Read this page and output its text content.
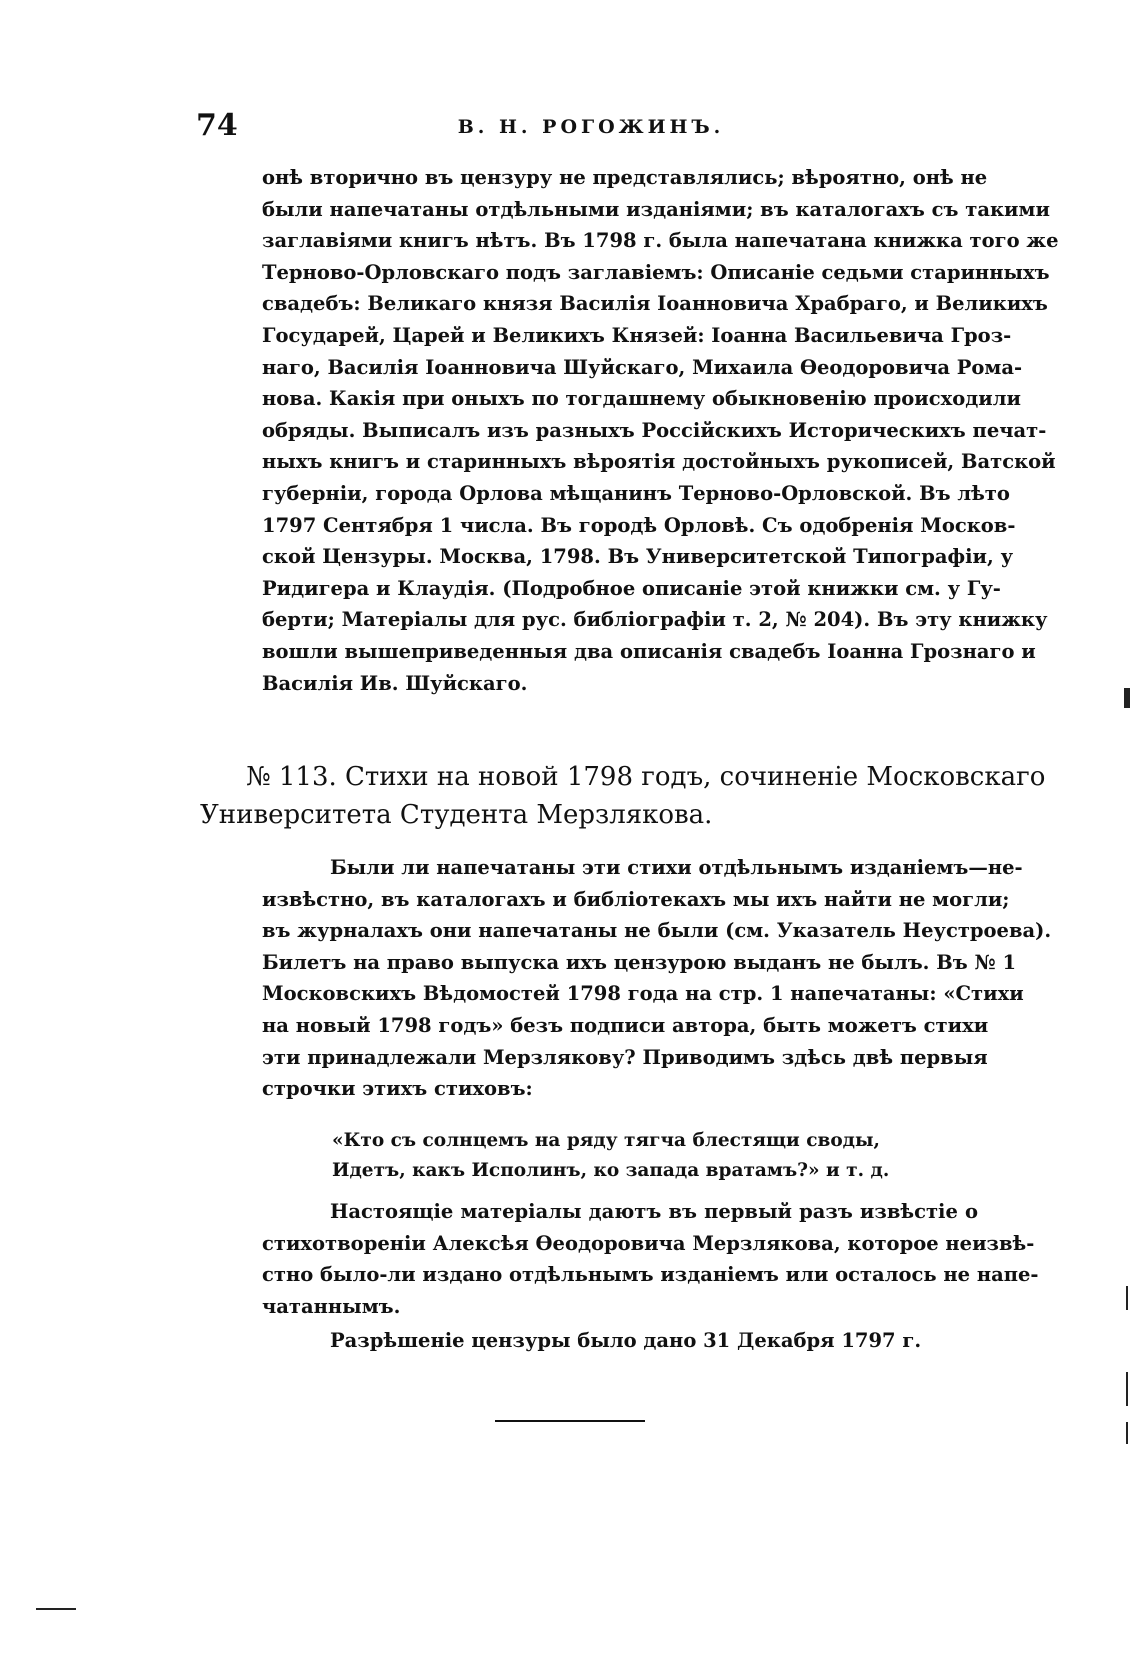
74	В. Н. РОГОЖИНЪ.
онѣ вторично въ цензуру не представлялись; вѣроятно, онѣ не
были напечатаны отдѣльными изданіями; въ каталогахъ съ такими
заглавіями книгъ нѣтъ. Въ 1798 г. была напечатана книжка того же
Терново-Орловскаго подъ заглавіемъ: Описаніе седьми старинныхъ
свадебъ: Великаго князя Василія Іоанновича Храбраго, и Великихъ
Государей, Царей и Великихъ Князей: Іоанна Васильевича Гроз-
наго, Василія Іоанновича Шуйскаго, Михаила Өеодоровича Рома-
нова. Какія при оныхъ по тогдашнему обыкновенію происходили
обряды. Выписалъ изъ разныхъ Россійскихъ Историческихъ печат-
ныхъ книгъ и старинныхъ вѣроятія достойныхъ рукописей, Ватской
губерніи, города Орлова мѣщанинъ Терново-Орловской. Въ лѣто
1797 Сентября 1 числа. Въ городѣ Орловѣ. Съ одобренія Москов-
ской Цензуры. Москва, 1798. Въ Университетской Типографіи, у
Ридигера и Клаудія. (Подробное описаніе этой книжки см. у Гу-
берти; Матеріалы для рус. библіографіи т. 2, № 204). Въ эту книжку
вошли вышеприведенныя два описанія свадебъ Іоанна Грознаго и
Василія Ив. Шуйскаго.
№ 113. Стихи на новой 1798 годъ, сочиненіе Московскаго
Университета Студента Мерзлякова.
Были ли напечатаны эти стихи отдѣльнымъ изданіемъ—не-
извѣстно, въ каталогахъ и библіотекахъ мы ихъ найти не могли;
въ журналахъ они напечатаны не были (см. Указатель Неустроева).
Билетъ на право выпуска ихъ цензурою выданъ не былъ. Въ № 1
Московскихъ Вѣдомостей 1798 года на стр. 1 напечатаны: «Стихи
на новый 1798 годъ» безъ подписи автора, быть можетъ стихи
эти принадлежали Мерзлякову? Приводимъ здѣсь двѣ первыя
строчки этихъ стиховъ:
«Кто съ солнцемъ на ряду тягча блестящи своды,
Идетъ, какъ Исполинъ, ко запада вратамъ?» и т. д.
Настоящіе матеріалы даютъ въ первый разъ извѣстіе о
стихотвореніи Алексѣя Өеодоровича Мерзлякова, которое неизвѣ-
стно было-ли издано отдѣльнымъ изданіемъ или осталось не напе-
чатаннымъ.
Разрѣшеніе цензуры было дано 31 Декабря 1797 г.
